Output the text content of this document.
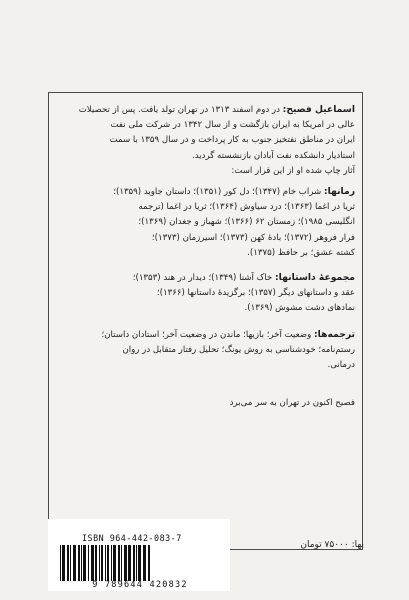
اسماعیل فصیح: در دوم اسفند ۱۳۱۳ در تهران تولد یافت. پس از تحصیلات
عالی در امریکا به ایران بازگشت و از سال ۱۳۴۲ در شرکت ملی نفت
ایران در مناطق نفتخیز جنوب به کار پرداخت و در سال ۱۳۵۹ با سمت
استادیار دانشکده نفت آبادان بازنشسته گردید.
آثار چاپ شده او از این قرار است:
رمانها: شراب خام (۱۳۴۷)؛ دل کور (۱۳۵۱)؛ داستان جاوید (۱۳۵۹)؛
ثریا در اغما (۱۳۶۳)؛ درد سیاوش (۱۳۶۴)؛ ثریا در اغما (ترجمه
انگلیسی ۱۹۸۵)؛ زمستان ۶۲ (۱۳۶۶)؛ شهباز و جغدان (۱۳۶۹)؛
فرار فروهر (۱۳۷۲)؛ بادهٔ کهن (۱۳۷۳)؛ اسیرزمان (۱۳۷۳)؛
کشته عشق؛ بر حافظ (۱۳۷۵).
مجموعهٔ داستانها: خاک آشنا (۱۳۴۹)؛ دیدار در هند (۱۳۵۳)؛
عقد و داستانهای دیگر (۱۳۵۷)؛ برگزیدهٔ داستانها (۱۳۶۶)؛
نمادهای دشت مشوش (۱۳۶۹).
ترجمه‌ها: وضعیت آخر؛ بازیها؛ ماندن در وضعیت آخر؛ استادان داستان؛
رستم‌نامه؛ خودشناسی به روش یونگ؛ تحلیل رفتار متقابل در روان
درمانی.
فصیح اکنون در تهران به سر می‌برد
بها: ۷۵۰۰۰ تومان
ISBN 964-442-083-7
9 789644 420832
